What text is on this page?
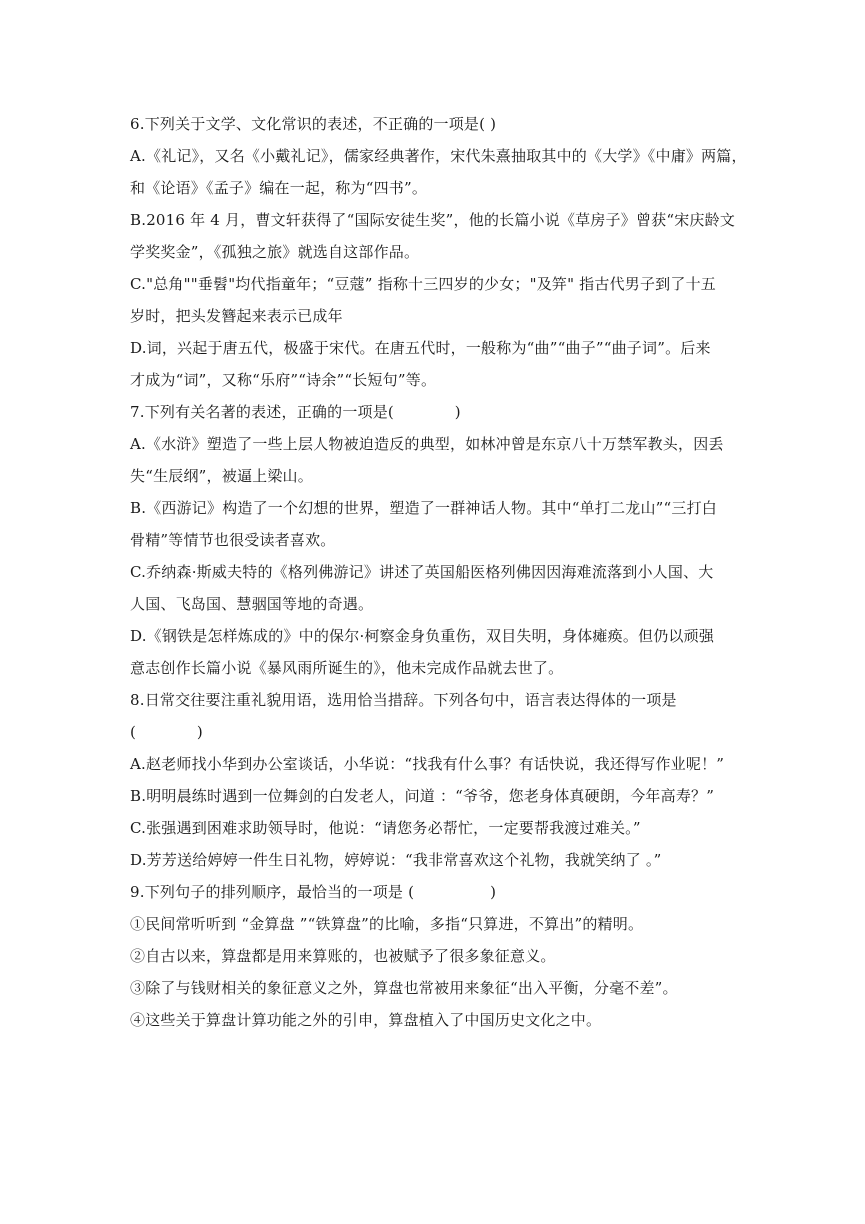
6.下列关于文学、文化常识的表述，不正确的一项是( )
A.《礼记》，又名《小戴礼记》，儒家经典著作，宋代朱熹抽取其中的《大学》《中庸》两篇，
和《论语》《孟子》编在一起，称为“四书”。
B.2016 年 4 月，曹文轩获得了“国际安徒生奖”，他的长篇小说《草房子》曾获“宋庆龄文
学奖奖金”，《孤独之旅》就选自这部作品。
C."总角""垂髫"均代指童年；“豆蔻” 指称十三四岁的少女；"及笄" 指古代男子到了十五
岁时，把头发簪起来表示已成年
D.词，兴起于唐五代，极盛于宋代。在唐五代时，一般称为“曲”“曲子”“曲子词”。后来
才成为“词”，又称“乐府”“诗余”“长短句”等。
7.下列有关名著的表述，正确的一项是(　　　　)
A.《水浒》塑造了一些上层人物被迫造反的典型，如林冲曾是东京八十万禁军教头，因丢
失“生辰纲”，被逼上梁山。
B.《西游记》构造了一个幻想的世界，塑造了一群神话人物。其中“单打二龙山”“三打白
骨精”等情节也很受读者喜欢。
C.乔纳森·斯威夫特的《格列佛游记》讲述了英国船医格列佛因因海难流落到小人国、大
人国、飞岛国、慧骃国等地的奇遇。
D.《钢铁是怎样炼成的》中的保尔·柯察金身负重伤，双目失明，身体瘫痪。但仍以顽强
意志创作长篇小说《暴风雨所诞生的》，他未完成作品就去世了。
8.日常交往要注重礼貌用语，选用恰当措辞。下列各句中，语言表达得体的一项是
(　　　　)
A.赵老师找小华到办公室谈话，小华说：“找我有什么事？有话快说，我还得写作业呢！”
B.明明晨练时遇到一位舞剑的白发老人，问道 ：“爷爷，您老身体真硬朗，今年高寿？”
C.张强遇到困难求助领导时，他说：“请您务必帮忙，一定要帮我渡过难关。”
D.芳芳送给婷婷一件生日礼物，婷婷说：“我非常喜欢这个礼物，我就笑纳了 。”
9.下列句子的排列顺序，最恰当的一项是 (　　　　　)
①民间常听听到 “金算盘 ”“铁算盘”的比喻，多指“只算进，不算出”的精明。
②自古以来，算盘都是用来算账的，也被赋予了很多象征意义。
③除了与钱财相关的象征意义之外，算盘也常被用来象征“出入平衡，分毫不差”。
④这些关于算盘计算功能之外的引申，算盘植入了中国历史文化之中。
